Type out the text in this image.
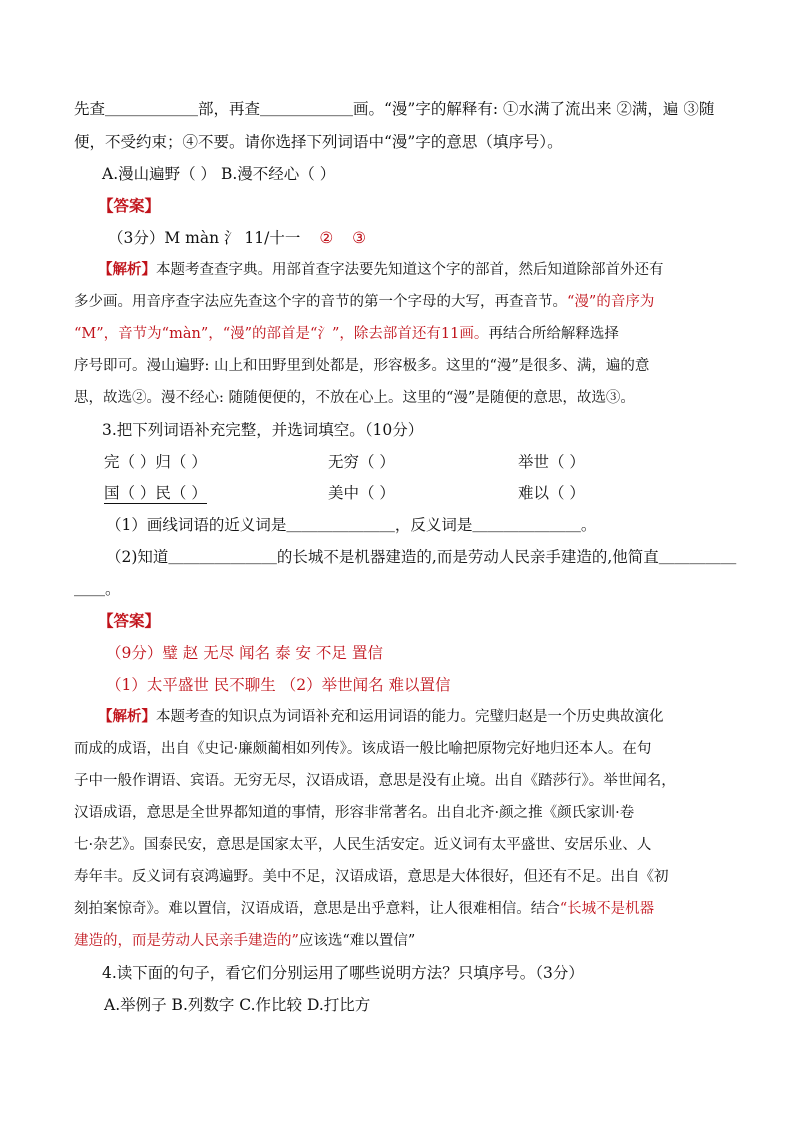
先查＿＿＿＿＿＿部，再查＿＿＿＿＿＿画。“漫”字的解释有: ①水满了流出来 ②满，遍 ③随
便，不受约束；④不要。请你选择下列词语中“漫”字的意思（填序号）。
A.漫山遍野（ ） B.漫不经心（ ）
【答案】
（3分）M màn 氵 11/十一 ② ③
【解析】本题考查查字典。用部首查字法要先知道这个字的部首，然后知道除部首外还有
多少画。用音序查字法应先查这个字的音节的第一个字母的大写，再查音节。“漫”的音序为
“M”，音节为“màn”，“漫”的部首是“氵”，除去部首还有11画。再结合所给解释选择
序号即可。漫山遍野: 山上和田野里到处都是，形容极多。这里的“漫”是很多、满，遍的意
思，故选②。漫不经心: 随随便便的，不放在心上。这里的“漫”是随便的意思，故选③。
3.把下列词语补充完整，并选词填空。（10分）
完（ ）归（ ）	无穷（ ）	举世（ ）
国（ ）民（ ）	美中（ ）	难以（ ）
（1）画线词语的近义词是＿＿＿＿＿＿＿，反义词是＿＿＿＿＿＿＿。
（2)知道＿＿＿＿＿＿＿的长城不是机器建造的,而是劳动人民亲手建造的,他简直＿＿＿＿＿
＿＿。
【答案】
（9分）璧 赵 无尽 闻名 泰 安 不足 置信
（1）太平盛世 民不聊生 （2）举世闻名 难以置信
【解析】本题考查的知识点为词语补充和运用词语的能力。完璧归赵是一个历史典故演化
而成的成语，出自《史记·廉颇蔺相如列传》。该成语一般比喻把原物完好地归还本人。在句
子中一般作谓语、宾语。无穷无尽，汉语成语，意思是没有止境。出自《踏莎行》。举世闻名，
汉语成语，意思是全世界都知道的事情，形容非常著名。出自北齐·颜之推《颜氏家训·卷
七·杂艺》。国泰民安，意思是国家太平，人民生活安定。近义词有太平盛世、安居乐业、人
寿年丰。反义词有哀鸿遍野。美中不足，汉语成语，意思是大体很好，但还有不足。出自《初
刻拍案惊奇》。难以置信，汉语成语，意思是出乎意料，让人很难相信。结合“长城不是机器
建造的，而是劳动人民亲手建造的”应该选“难以置信”
4.读下面的句子，看它们分别运用了哪些说明方法？只填序号。（3分）
A.举例子 B.列数字 C.作比较 D.打比方
